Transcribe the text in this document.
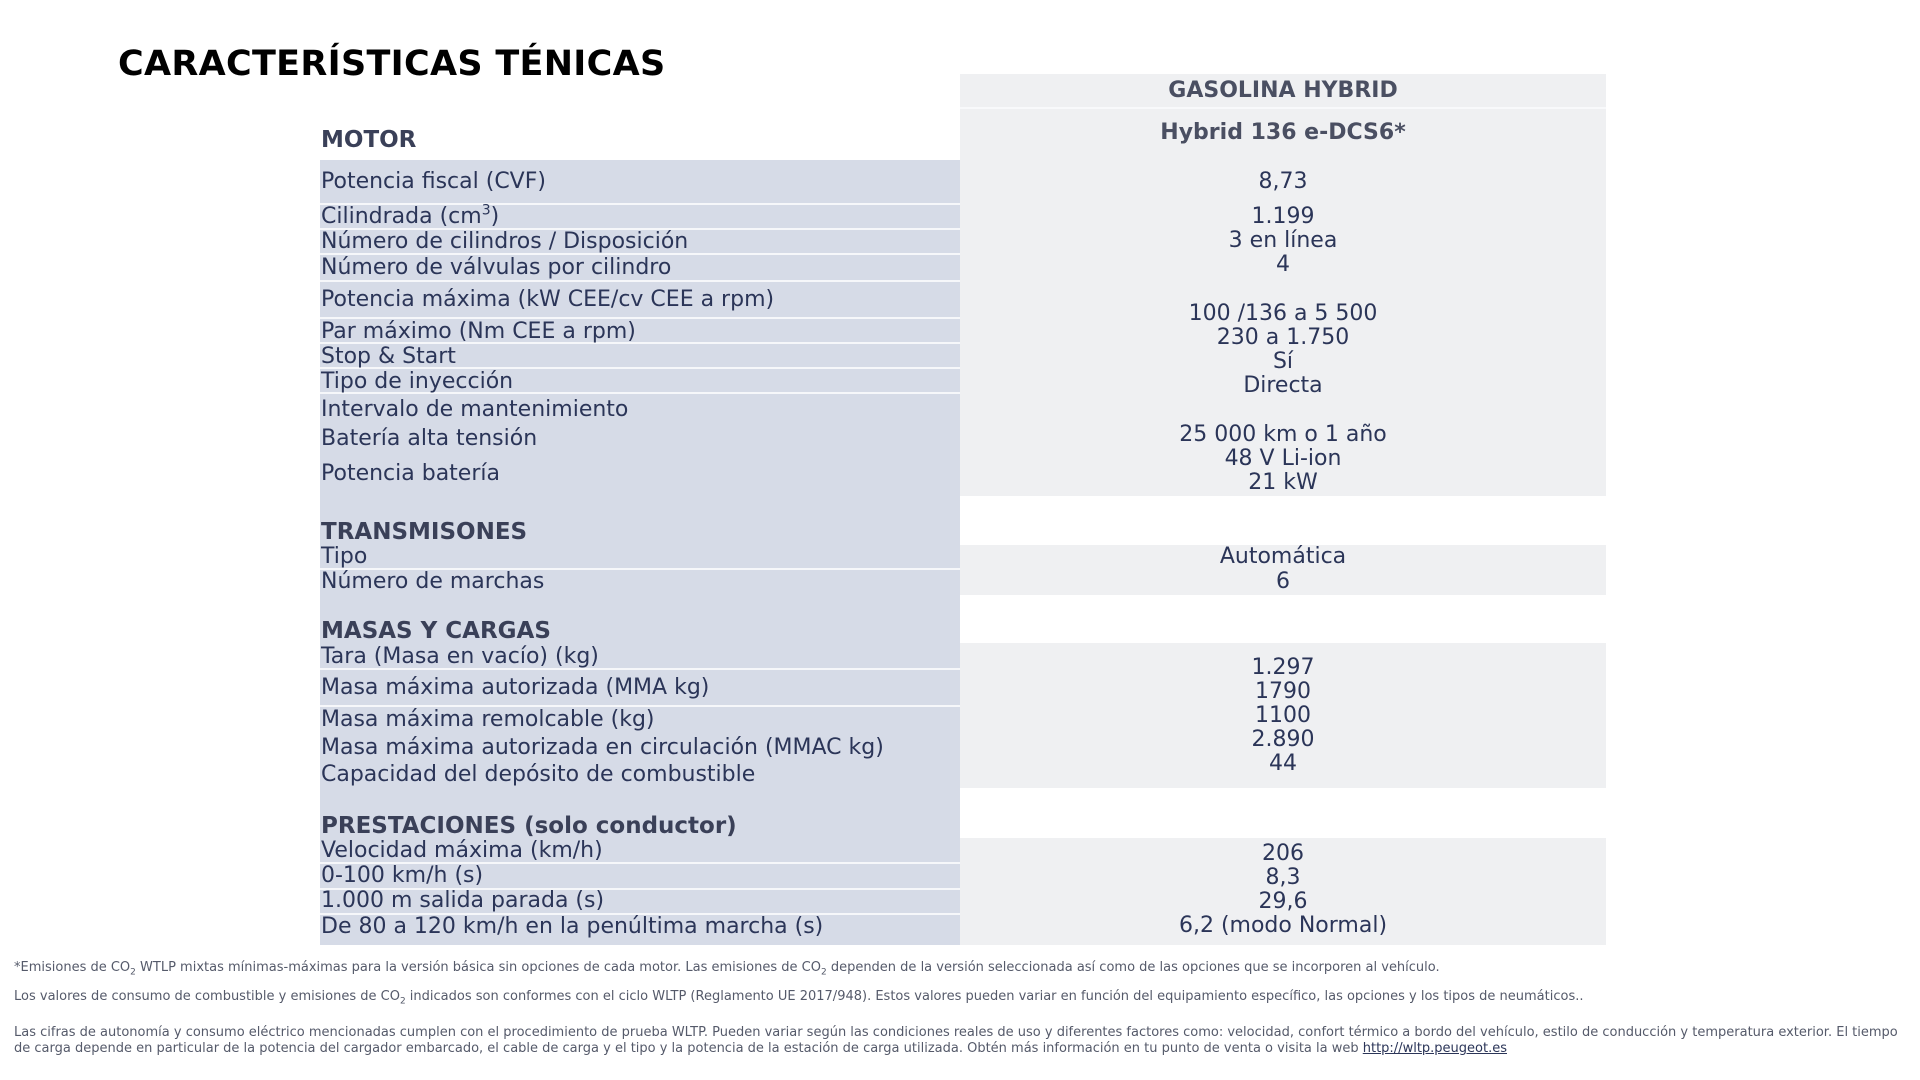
CARACTERÍSTICAS TÉNICAS
GASOLINA HYBRID
Hybrid 136 e-DCS6*
MOTOR
Potencia fiscal (CVF)
Cilindrada $(cm^3)$
Número de cilindros / Disposición
Número de válvulas por cilindro
Potencia máxima (kW CEE/cv CEE a rpm)
Par máximo (Nm CEE a rpm)
Stop & Start
Tipo de inyección
Intervalo de mantenimiento
Batería alta tensión
Potencia batería
8,73
1.199
3 en línea
4
100 /136 a 5 500
230 a 1.750
Sí
Directa
25 000 km o 1 año
48 V Li-ion
21 kW
TRANSMISONES
Tipo
Número de marchas
Automática
6
MASAS Y CARGAS
Tara (Masa en vacío) (kg)
Masa máxima autorizada (MMA kg)
Masa máxima remolcable (kg)
Masa máxima autorizada en circulación (MMAC kg)
Capacidad del depósito de combustible
1.297
1790
1100
2.890
44
PRESTACIONES (solo conductor)
Velocidad máxima (km/h)
0-100 km/h (s)
1.000 m salida parada (s)
De 80 a 120 km/h en la penúltima marcha (s)
206
8,3
29,6
6,2 (modo Normal)
*Emisiones de $CO_2$ WTLP mixtas mínimas-máximas para la versión básica sin opciones de cada motor. Las emisiones de $CO_2$ dependen de la versión seleccionada así como de las opciones que se incorporen al vehículo.
Los valores de consumo de combustible y emisiones de $CO_2$ indicados son conformes con el ciclo WLTP (Reglamento UE 2017/948). Estos valores pueden variar en función del equipamiento específico, las opciones y los tipos de neumáticos..
Las cifras de autonomía y consumo eléctrico mencionadas cumplen con el procedimiento de prueba WLTP. Pueden variar según las condiciones reales de uso y diferentes factores como: velocidad, confort térmico a bordo del vehículo, estilo de conducción y temperatura exterior. El tiempo de carga depende en particular de la potencia del cargador embarcado, el cable de carga y el tipo y la potencia de la estación de carga utilizada. Obtén más información en tu punto de venta o visita la web http://wltp.peugeot.es
